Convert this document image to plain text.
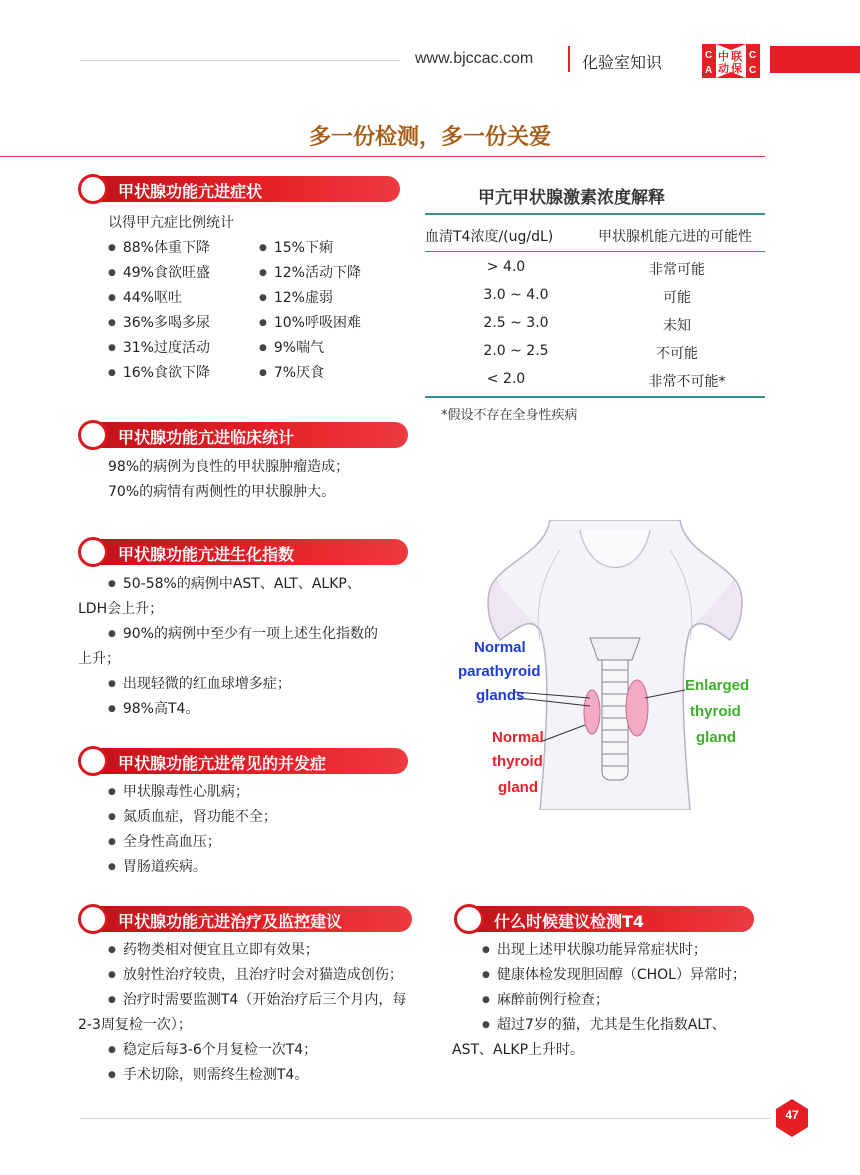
www.bjccac.com	化验室知识	C
A
中 联
动 保
C
C
多一份检测，多一份关爱
甲状腺功能亢进症状
以得甲亢症比例统计
● 88%体重下降
● 49%食欲旺盛
● 44%呕吐
● 36%多喝多尿
● 31%过度活动
● 16%食欲下降
● 15%下痢
● 12%活动下降
● 12%虚弱
● 10%呼吸困难
● 9%喘气
● 7%厌食
甲状腺功能亢进临床统计
98%的病例为良性的甲状腺肿瘤造成；
70%的病情有两侧性的甲状腺肿大。
甲状腺功能亢进生化指数
● 50-58%的病例中AST、ALT、ALKP、
LDH会上升；
● 90%的病例中至少有一项上述生化指数的
上升；
● 出现轻微的红血球增多症；
● 98%高T4。
甲状腺功能亢进常见的并发症
● 甲状腺毒性心肌病；
● 氮质血症，肾功能不全；
● 全身性高血压；
● 胃肠道疾病。
甲状腺功能亢进治疗及监控建议
● 药物类相对便宜且立即有效果；
● 放射性治疗较贵，且治疗时会对猫造成创伤；
● 治疗时需要监测T4（开始治疗后三个月内，每
2-3周复检一次）；
● 稳定后每3-6个月复检一次T4；
● 手术切除，则需终生检测T4。
什么时候建议检测T4
● 出现上述甲状腺功能异常症状时；
● 健康体检发现胆固醇（CHOL）异常时；
● 麻醉前例行检查；
● 超过7岁的猫，尤其是生化指数ALT、
AST、ALKP上升时。
甲亢甲状腺激素浓度解释
血清T4浓度/(ug/dL)	甲状腺机能亢进的可能性
> 4.0	非常可能
3.0 ~ 4.0	可能
2.5 ~ 3.0	未知
2.0 ~ 2.5	不可能
< 2.0	非常不可能*
*假设不存在全身性疾病
Normal
parathyroid
glands
Normal
thyroid
gland
Enlarged
thyroid
gland
47
